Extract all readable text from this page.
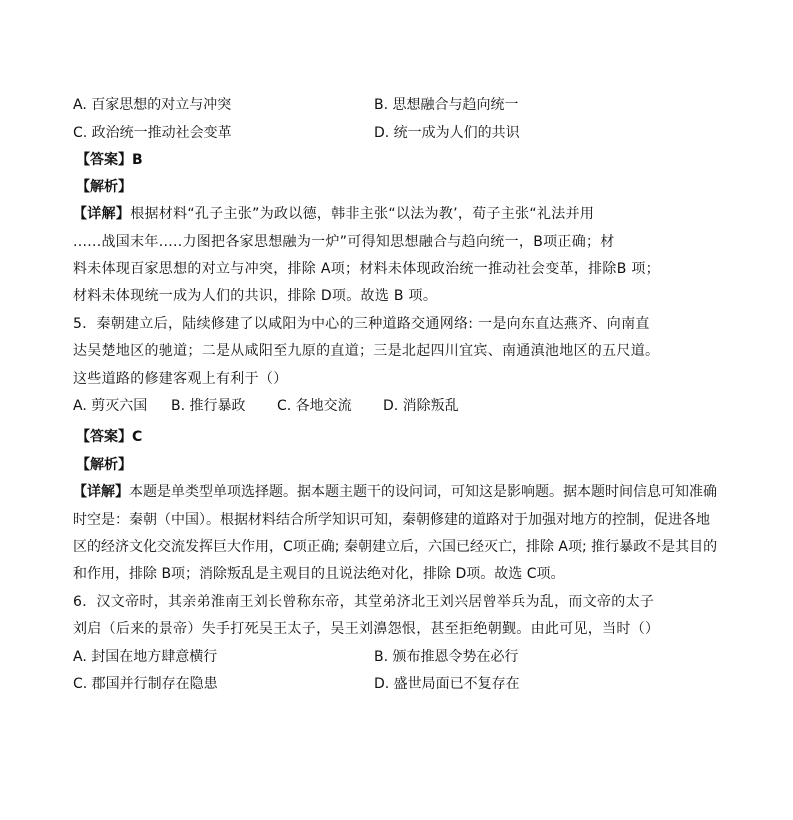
A. 百家思想的对立与冲突	B. 思想融合与趋向统一
C. 政治统一推动社会变革	D. 统一成为人们的共识
【答案】B
【解析】
【详解】根据材料“孔子主张”为政以德，韩非主张“以法为教’，荀子主张“礼法并用
......战国末年.....力图把各家思想融为一炉”可得知思想融合与趋向统一，B项正确；材
料未体现百家思想的对立与冲突，排除 A项；材料未体现政治统一推动社会变革，排除B 项；
材料未体现统一成为人们的共识，排除 D项。故选 B 项。
5．秦朝建立后，陆续修建了以咸阳为中心的三种道路交通网络: 一是向东直达燕齐、向南直
达吴楚地区的驰道；二是从咸阳至九原的直道；三是北起四川宜宾、南通滇池地区的五尺道。
这些道路的修建客观上有利于（）
A. 剪灭六国 B. 推行暴政 C. 各地交流 D. 消除叛乱
【答案】C
【解析】
【详解】本题是单类型单项选择题。据本题主题干的设问词，可知这是影响题。据本题时间信息可知准确
时空是：秦朝（中国）。根据材料结合所学知识可知，秦朝修建的道路对于加强对地方的控制，促进各地
区的经济文化交流发挥巨大作用，C项正确; 秦朝建立后，六国已经灭亡，排除 A项; 推行暴政不是其目的
和作用，排除 B项；消除叛乱是主观目的且说法绝对化，排除 D项。故选 C项。
6．汉文帝时，其亲弟淮南王刘长曾称东帝，其堂弟济北王刘兴居曾举兵为乱，而文帝的太子
刘启（后来的景帝）失手打死吴王太子，吴王刘濞怨恨，甚至拒绝朝觐。由此可见，当时（）
A. 封国在地方肆意横行	B. 颁布推恩令势在必行
C. 郡国并行制存在隐患	D. 盛世局面已不复存在
